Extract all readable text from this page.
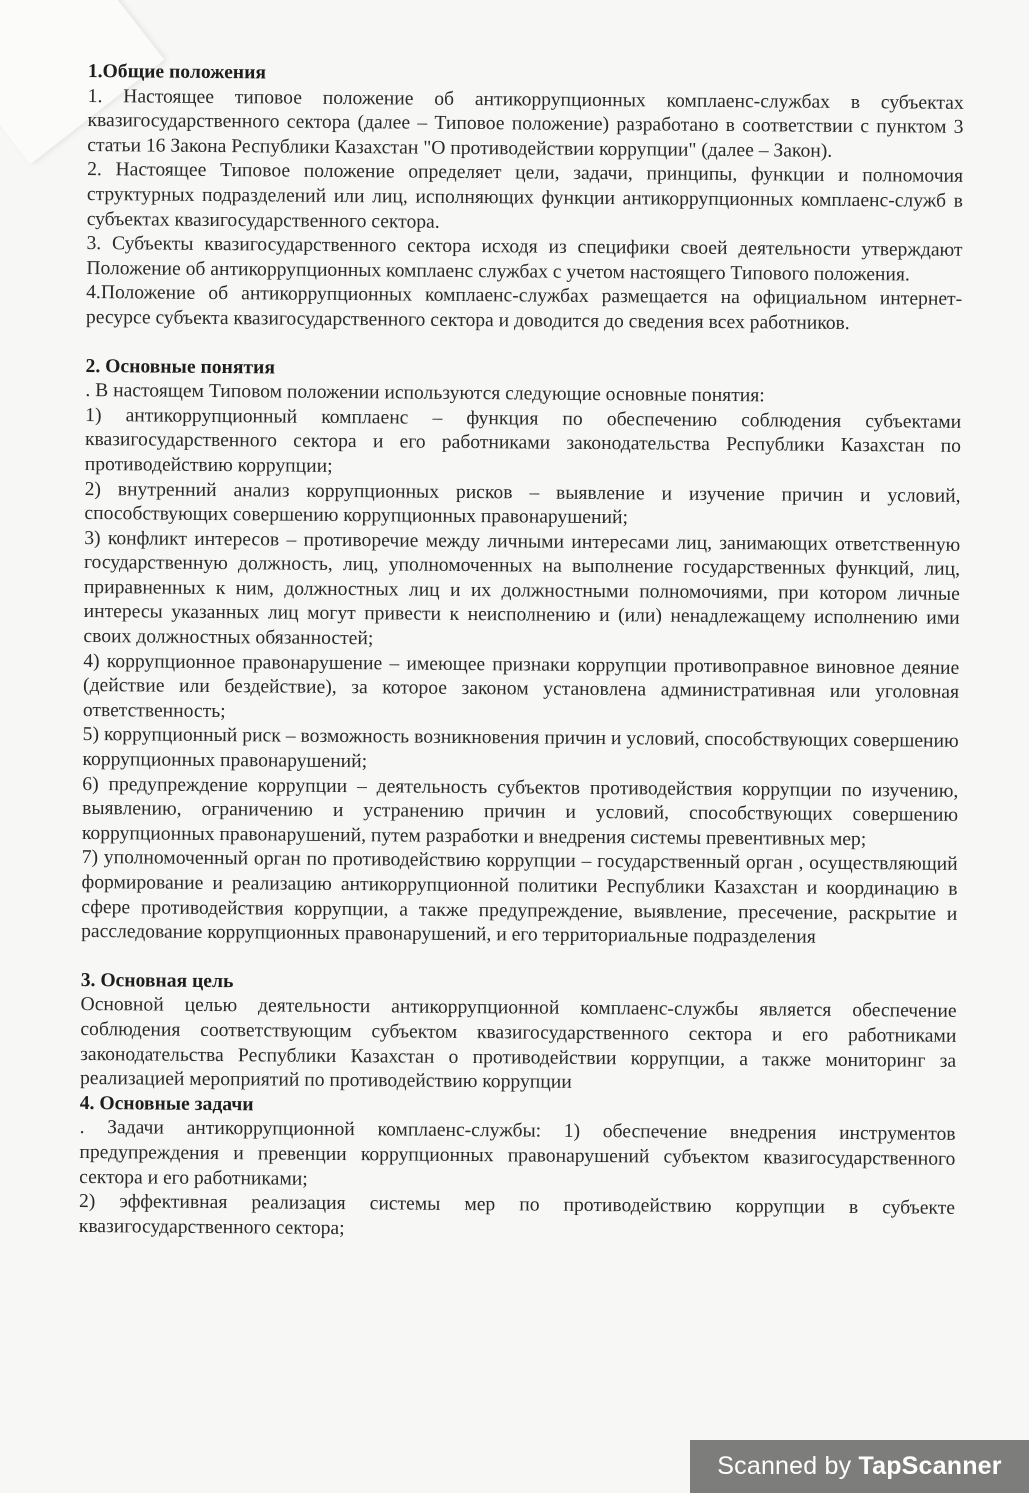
1.Общие положения

1. Настоящее типовое положение об антикоррупционных комплаенс-службах в субъектах квазигосударственного сектора (далее – Типовое положение) разработано в соответствии с пунктом 3 статьи 16 Закона Республики Казахстан "О противодействии коррупции" (далее – Закон).

2. Настоящее Типовое положение определяет цели, задачи, принципы, функции и полномочия структурных подразделений или лиц, исполняющих функции антикоррупционных комплаенс-служб в субъектах квазигосударственного сектора.

3. Субъекты квазигосударственного сектора исходя из специфики своей деятельности утверждают Положение об антикоррупционных комплаенс службах с учетом настоящего Типового положения.

4.Положение об антикоррупционных комплаенс-службах размещается на официальном интернет-ресурсе субъекта квазигосударственного сектора и доводится до сведения всех работников.

2. Основные понятия

. В настоящем Типовом положении используются следующие основные понятия:

1) антикоррупционный комплаенс – функция по обеспечению соблюдения субъектами квазигосударственного сектора и его работниками законодательства Республики Казахстан по противодействию коррупции;

2) внутренний анализ коррупционных рисков – выявление и изучение причин и условий, способствующих совершению коррупционных правонарушений;

3) конфликт интересов – противоречие между личными интересами лиц, занимающих ответственную государственную должность, лиц, уполномоченных на выполнение государственных функций, лиц, приравненных к ним, должностных лиц и их должностными полномочиями, при котором личные интересы указанных лиц могут привести к неисполнению и (или) ненадлежащему исполнению ими своих должностных обязанностей;

4) коррупционное правонарушение – имеющее признаки коррупции противоправное виновное деяние (действие или бездействие), за которое законом установлена административная или уголовная ответственность;

5) коррупционный риск – возможность возникновения причин и условий, способствующих совершению коррупционных правонарушений;

6) предупреждение коррупции – деятельность субъектов противодействия коррупции по изучению, выявлению, ограничению и устранению причин и условий, способствующих совершению коррупционных правонарушений, путем разработки и внедрения системы превентивных мер;

7) уполномоченный орган по противодействию коррупции – государственный орган , осуществляющий формирование и реализацию антикоррупционной политики Республики Казахстан и координацию в сфере противодействия коррупции, а также предупреждение, выявление, пресечение, раскрытие и расследование коррупционных правонарушений, и его территориальные подразделения

3. Основная цель

Основной целью деятельности антикоррупционной комплаенс-службы является обеспечение соблюдения соответствующим субъектом квазигосударственного сектора и его работниками законодательства Республики Казахстан о противодействии коррупции, а также мониторинг за реализацией мероприятий по противодействию коррупции

4. Основные задачи

. Задачи антикоррупционной комплаенс-службы: 1) обеспечение внедрения инструментов предупреждения и превенции коррупционных правонарушений субъектом квазигосударственного сектора и его работниками;

2) эффективная реализация системы мер по противодействию коррупции в субъекте квазигосударственного сектора;

Scanned by TapScanner
